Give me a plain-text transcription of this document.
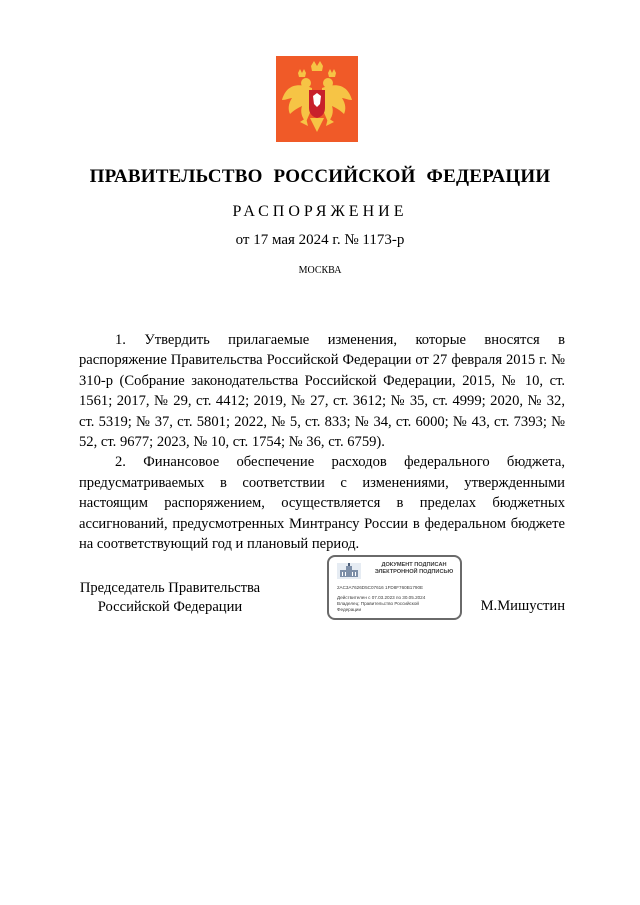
ПРАВИТЕЛЬСТВО РОССИЙСКОЙ ФЕДЕРАЦИИ
РАСПОРЯЖЕНИЕ
от 17 мая 2024 г. № 1173-р
МОСКВА

1. Утвердить прилагаемые изменения, которые вносятся в распоряжение Правительства Российской Федерации от 27 февраля 2015 г. № 310-р (Собрание законодательства Российской Федерации, 2015, № 10, ст. 1561; 2017, № 29, ст. 4412; 2019, № 27, ст. 3612; № 35, ст. 4999; 2020, № 32, ст. 5319; № 37, ст. 5801; 2022, № 5, ст. 833; № 34, ст. 6000; № 43, ст. 7393; № 52, ст. 9677; 2023, № 10, ст. 1754; № 36, ст. 6759).

2. Финансовое обеспечение расходов федерального бюджета, предусматриваемых в соответствии с изменениями, утвержденными настоящим распоряжением, осуществляется в пределах бюджетных ассигнований, предусмотренных Минтрансу России в федеральном бюджете на соответствующий год и плановый период.

Председатель Правительства
Российской Федерации
ДОКУМЕНТ ПОДПИСАН ЭЛЕКТРОННОЙ ПОДПИСЬЮ
2AC3A7626D5C07616 1FD8F760B1790E
Действителен с 07.03.2023 по 30.05.2024
Владелец: Правительство Российской
Федерации	М.Мишустин
